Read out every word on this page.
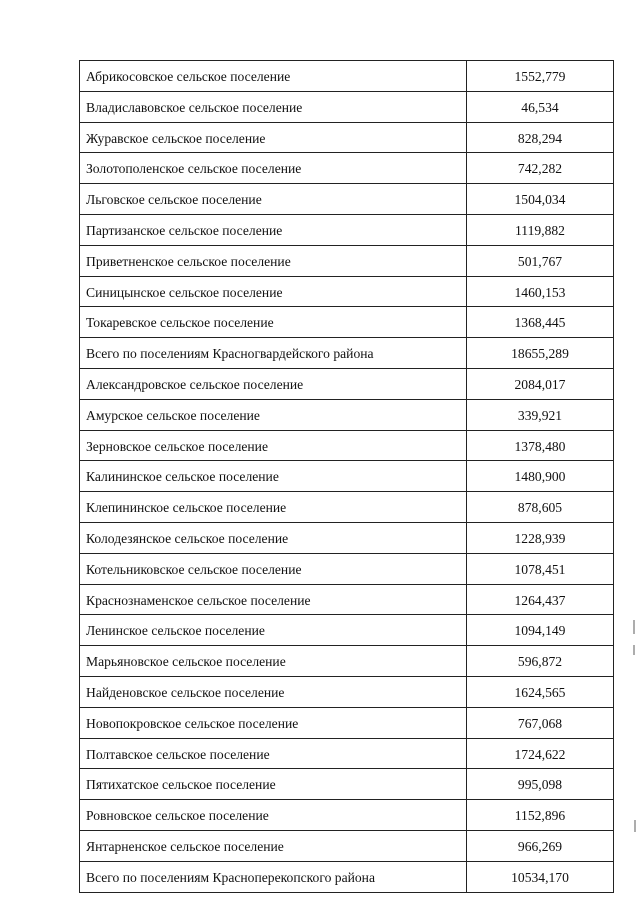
Абрикосовское сельское поселение	1552,779
Владиславовское сельское поселение	46,534
Журавское сельское поселение	828,294
Золотополенское сельское поселение	742,282
Льговское сельское поселение	1504,034
Партизанское сельское поселение	1119,882
Приветненское сельское поселение	501,767
Синицынское сельское поселение	1460,153
Токаревское сельское поселение	1368,445
Всего по поселениям Красногвардейского района	18655,289
Александровское сельское поселение	2084,017
Амурское сельское поселение	339,921
Зерновское сельское поселение	1378,480
Калининское сельское поселение	1480,900
Клепининское сельское поселение	878,605
Колодезянское сельское поселение	1228,939
Котельниковское сельское поселение	1078,451
Краснознаменское сельское поселение	1264,437
Ленинское сельское поселение	1094,149
Марьяновское сельское поселение	596,872
Найденовское сельское поселение	1624,565
Новопокровское сельское поселение	767,068
Полтавское сельское поселение	1724,622
Пятихатское сельское поселение	995,098
Ровновское сельское поселение	1152,896
Янтарненское сельское поселение	966,269
Всего по поселениям Красноперекопского района	10534,170
